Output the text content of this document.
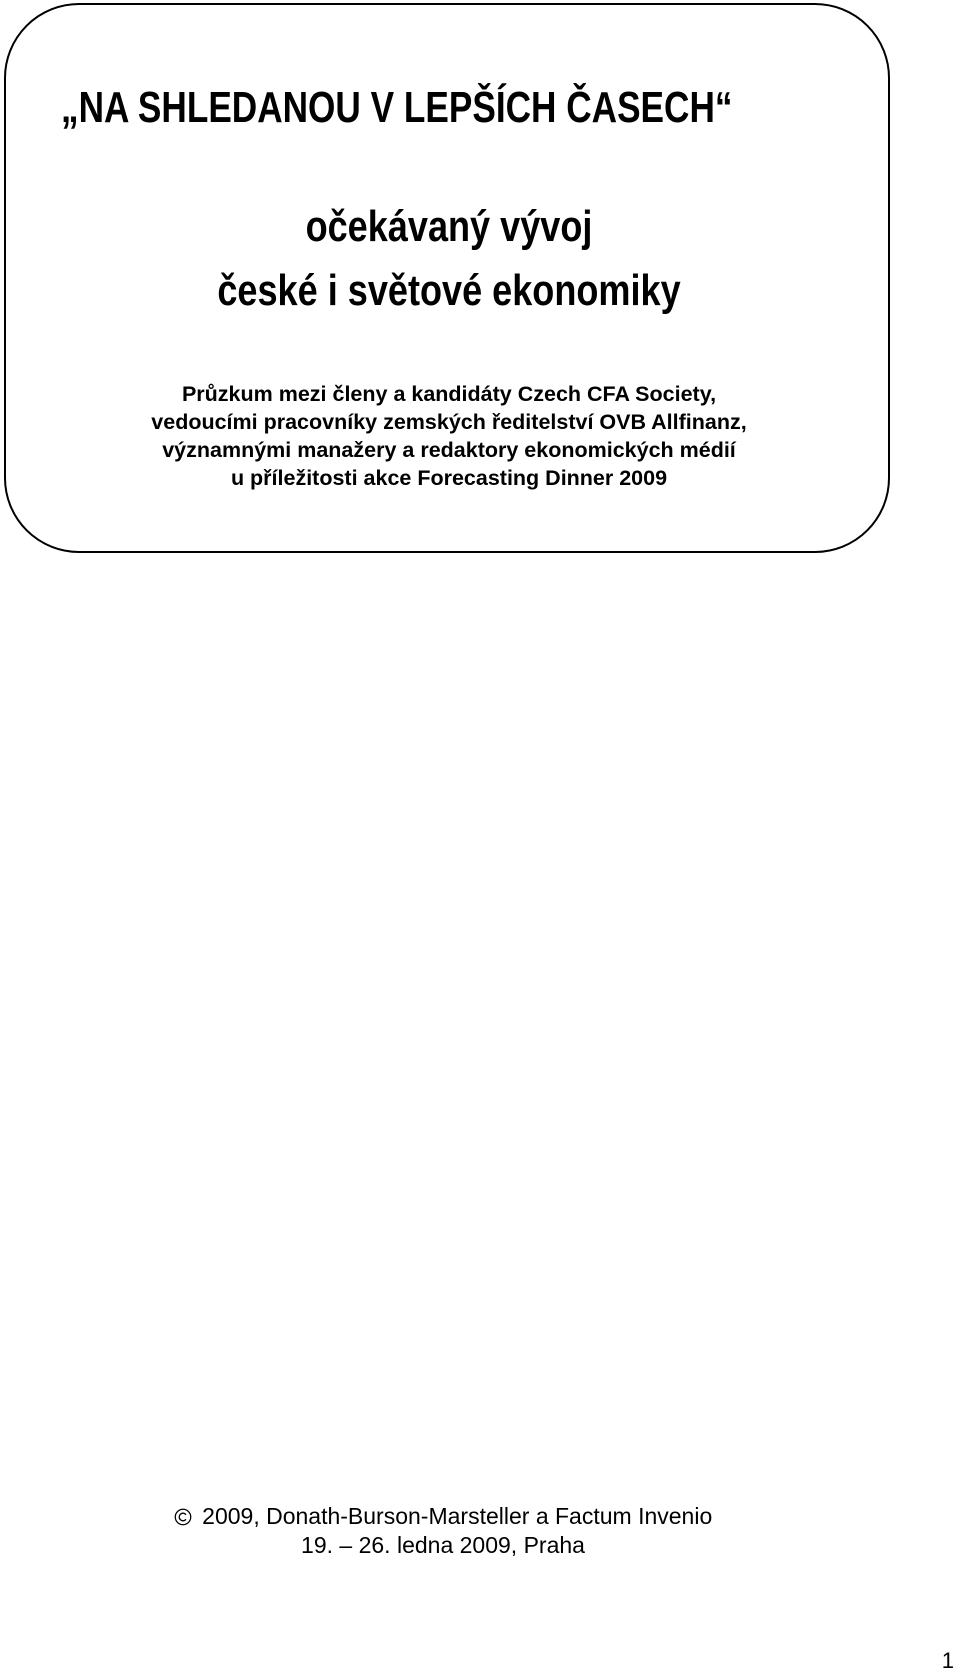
„NA SHLEDANOU V LEPŠÍCH ČASECH“
očekávaný vývoj
české i světové ekonomiky
Průzkum mezi členy a kandidáty Czech CFA Society,
vedoucími pracovníky zemských ředitelství OVB Allfinanz,
významnými manažery a redaktory ekonomických médií
u příležitosti akce Forecasting Dinner 2009
2009, Donath-Burson-Marsteller a Factum Invenio
19. – 26. ledna 2009, Praha
1
